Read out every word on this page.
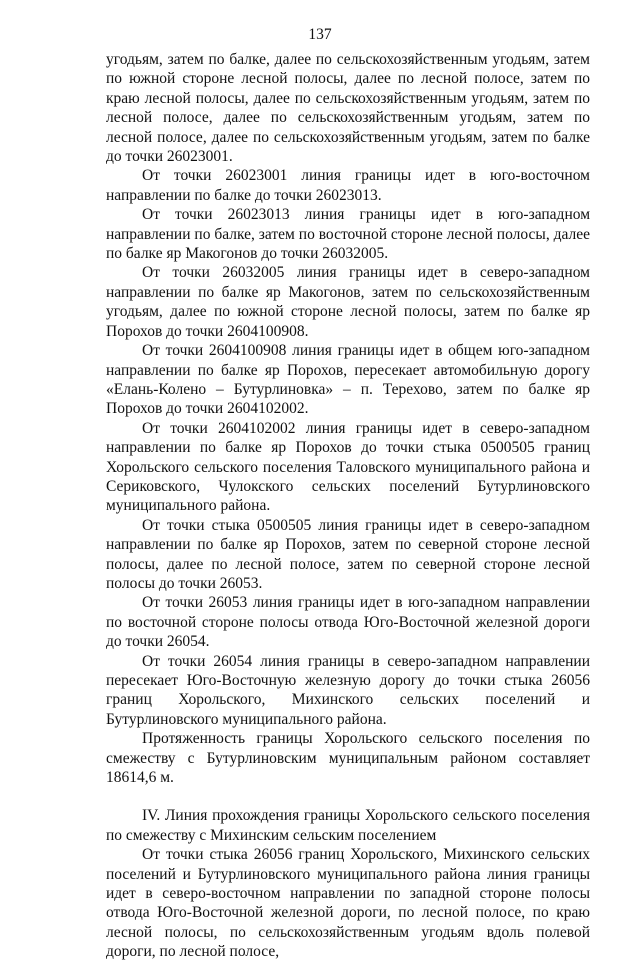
137

угодьям, затем по балке, далее по сельскохозяйственным угодьям, затем по южной стороне лесной полосы, далее по лесной полосе, затем по краю лесной полосы, далее по сельскохозяйственным угодьям, затем по лесной полосе, далее по сельскохозяйственным угодьям, затем по лесной полосе, далее по сельскохозяйственным угодьям, затем по балке до точки 26023001.

От точки 26023001 линия границы идет в юго-восточном направлении по балке до точки 26023013.

От точки 26023013 линия границы идет в юго-западном направлении по балке, затем по восточной стороне лесной полосы, далее по балке яр Макогонов до точки 26032005.

От точки 26032005 линия границы идет в северо-западном направлении по балке яр Макогонов, затем по сельскохозяйственным угодьям, далее по южной стороне лесной полосы, затем по балке яр Порохов до точки 2604100908.

От точки 2604100908 линия границы идет в общем юго-западном направлении по балке яр Порохов, пересекает автомобильную дорогу «Елань-Колено – Бутурлиновка» – п. Терехово, затем по балке яр Порохов до точки 2604102002.

От точки 2604102002 линия границы идет в северо-западном направлении по балке яр Порохов до точки стыка 0500505 границ Хорольского сельского поселения Таловского муниципального района и Сериковского, Чулокского сельских поселений Бутурлиновского муниципального района.

От точки стыка 0500505 линия границы идет в северо-западном направлении по балке яр Порохов, затем по северной стороне лесной полосы, далее по лесной полосе, затем по северной стороне лесной полосы до точки 26053.

От точки 26053 линия границы идет в юго-западном направлении по восточной стороне полосы отвода Юго-Восточной железной дороги до точки 26054.

От точки 26054 линия границы в северо-западном направлении пересекает Юго-Восточную железную дорогу до точки стыка 26056 границ Хорольского, Михинского сельских поселений и Бутурлиновского муниципального района.

Протяженность границы Хорольского сельского поселения по смежеству с Бутурлиновским муниципальным районом составляет 18614,6 м.

IV. Линия прохождения границы Хорольского сельского поселения по смежеству с Михинским сельским поселением

От точки стыка 26056 границ Хорольского, Михинского сельских поселений и Бутурлиновского муниципального района линия границы идет в северо-восточном направлении по западной стороне полосы отвода Юго-Восточной железной дороги, по лесной полосе, по краю лесной полосы, по сельскохозяйственным угодьям вдоль полевой дороги, по лесной полосе,
